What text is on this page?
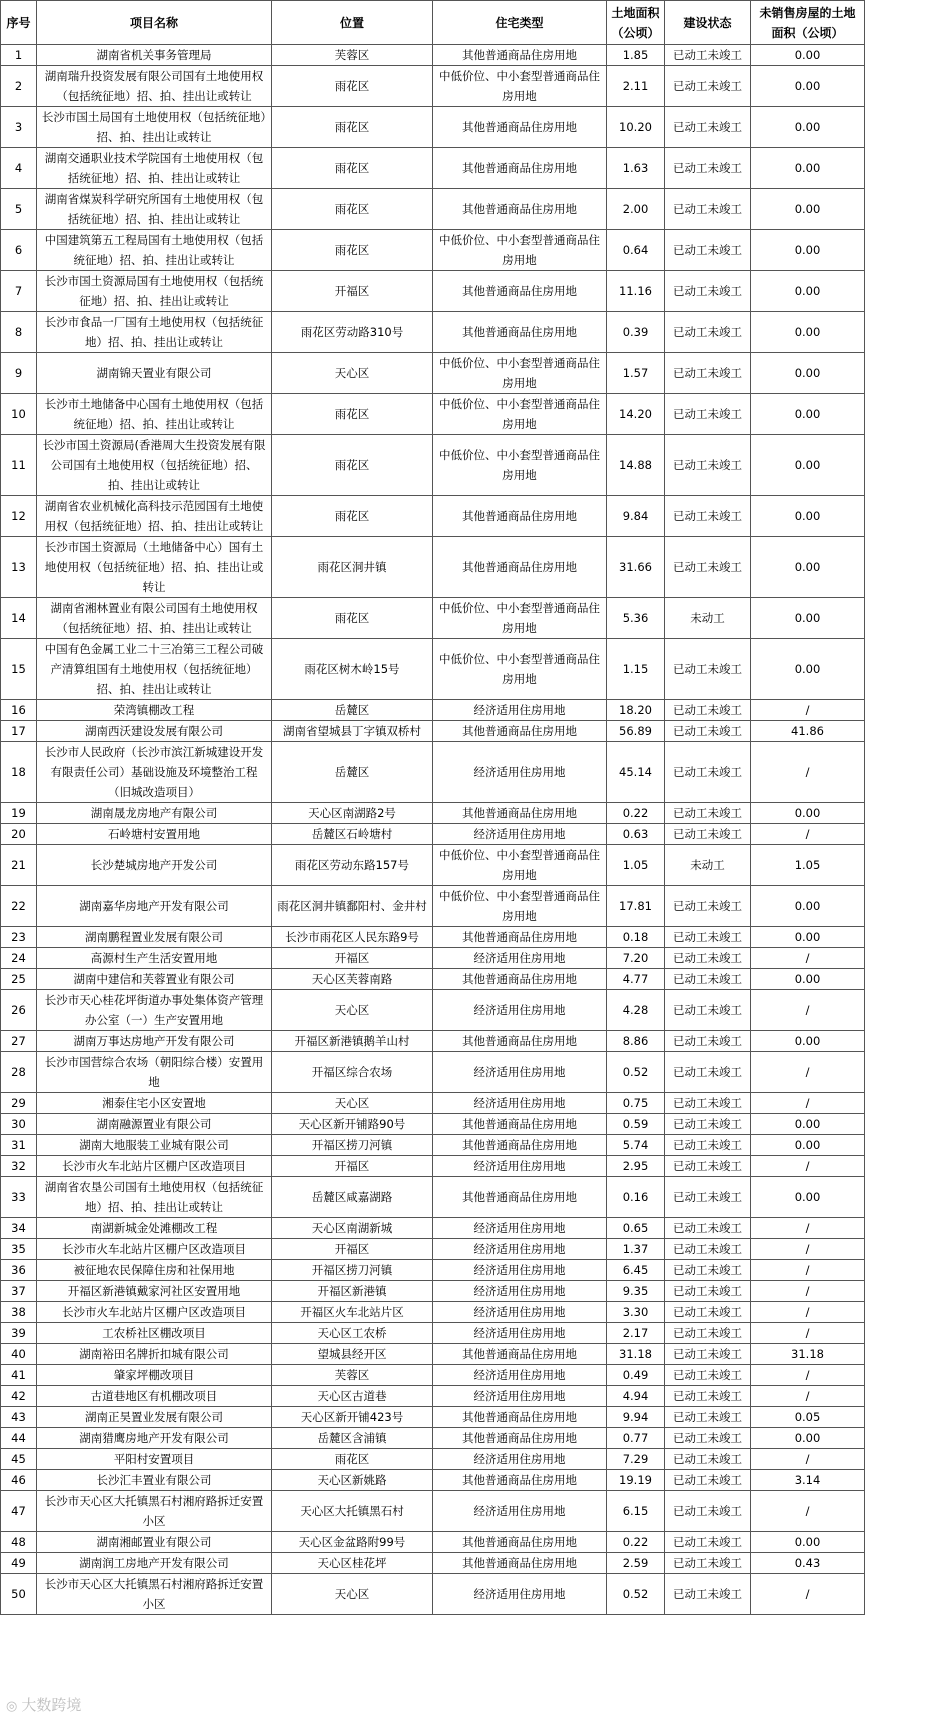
序号	项目名称	位置	住宅类型	土地面积（公顷）	建设状态	未销售房屋的土地面积（公顷）
1	湖南省机关事务管理局	芙蓉区	其他普通商品住房用地	1.85	已动工未竣工	0.00
2	湖南瑞升投资发展有限公司国有土地使用权（包括统征地）招、拍、挂出让或转让	雨花区	中低价位、中小套型普通商品住房用地	2.11	已动工未竣工	0.00
3	长沙市国土局国有土地使用权（包括统征地）招、拍、挂出让或转让	雨花区	其他普通商品住房用地	10.20	已动工未竣工	0.00
4	湖南交通职业技术学院国有土地使用权（包括统征地）招、拍、挂出让或转让	雨花区	其他普通商品住房用地	1.63	已动工未竣工	0.00
5	湖南省煤炭科学研究所国有土地使用权（包括统征地）招、拍、挂出让或转让	雨花区	其他普通商品住房用地	2.00	已动工未竣工	0.00
6	中国建筑第五工程局国有土地使用权（包括统征地）招、拍、挂出让或转让	雨花区	中低价位、中小套型普通商品住房用地	0.64	已动工未竣工	0.00
7	长沙市国土资源局国有土地使用权（包括统征地）招、拍、挂出让或转让	开福区	其他普通商品住房用地	11.16	已动工未竣工	0.00
8	长沙市食品一厂国有土地使用权（包括统征地）招、拍、挂出让或转让	雨花区劳动路310号	其他普通商品住房用地	0.39	已动工未竣工	0.00
9	湖南锦天置业有限公司	天心区	中低价位、中小套型普通商品住房用地	1.57	已动工未竣工	0.00
10	长沙市土地储备中心国有土地使用权（包括统征地）招、拍、挂出让或转让	雨花区	中低价位、中小套型普通商品住房用地	14.20	已动工未竣工	0.00
11	长沙市国土资源局(香港周大生投资发展有限公司国有土地使用权（包括统征地）招、拍、挂出让或转让	雨花区	中低价位、中小套型普通商品住房用地	14.88	已动工未竣工	0.00
12	湖南省农业机械化高科技示范园国有土地使用权（包括统征地）招、拍、挂出让或转让	雨花区	其他普通商品住房用地	9.84	已动工未竣工	0.00
13	长沙市国土资源局（土地储备中心）国有土地使用权（包括统征地）招、拍、挂出让或转让	雨花区洞井镇	其他普通商品住房用地	31.66	已动工未竣工	0.00
14	湖南省湘林置业有限公司国有土地使用权（包括统征地）招、拍、挂出让或转让	雨花区	中低价位、中小套型普通商品住房用地	5.36	未动工	0.00
15	中国有色金属工业二十三冶第三工程公司破产清算组国有土地使用权（包括统征地）招、拍、挂出让或转让	雨花区树木岭15号	中低价位、中小套型普通商品住房用地	1.15	已动工未竣工	0.00
16	荣湾镇棚改工程	岳麓区	经济适用住房用地	18.20	已动工未竣工	/
17	湖南西沃建设发展有限公司	湖南省望城县丁字镇双桥村	其他普通商品住房用地	56.89	已动工未竣工	41.86
18	长沙市人民政府（长沙市滨江新城建设开发有限责任公司）基础设施及环境整治工程（旧城改造项目）	岳麓区	经济适用住房用地	45.14	已动工未竣工	/
19	湖南晟龙房地产有限公司	天心区南湖路2号	其他普通商品住房用地	0.22	已动工未竣工	0.00
20	石岭塘村安置用地	岳麓区石岭塘村	经济适用住房用地	0.63	已动工未竣工	/
21	长沙楚城房地产开发公司	雨花区劳动东路157号	中低价位、中小套型普通商品住房用地	1.05	未动工	1.05
22	湖南嘉华房地产开发有限公司	雨花区洞井镇鄱阳村、金井村	中低价位、中小套型普通商品住房用地	17.81	已动工未竣工	0.00
23	湖南鹏程置业发展有限公司	长沙市雨花区人民东路9号	其他普通商品住房用地	0.18	已动工未竣工	0.00
24	高源村生产生活安置用地	开福区	经济适用住房用地	7.20	已动工未竣工	/
25	湖南中建信和芙蓉置业有限公司	天心区芙蓉南路	其他普通商品住房用地	4.77	已动工未竣工	0.00
26	长沙市天心桂花坪街道办事处集体资产管理办公室（一）生产安置用地	天心区	经济适用住房用地	4.28	已动工未竣工	/
27	湖南万事达房地产开发有限公司	开福区新港镇鹅羊山村	其他普通商品住房用地	8.86	已动工未竣工	0.00
28	长沙市国营综合农场（朝阳综合楼）安置用地	开福区综合农场	经济适用住房用地	0.52	已动工未竣工	/
29	湘泰住宅小区安置地	天心区	经济适用住房用地	0.75	已动工未竣工	/
30	湖南融源置业有限公司	天心区新开铺路90号	其他普通商品住房用地	0.59	已动工未竣工	0.00
31	湖南大地服装工业城有限公司	开福区捞刀河镇	其他普通商品住房用地	5.74	已动工未竣工	0.00
32	长沙市火车北站片区棚户区改造项目	开福区	经济适用住房用地	2.95	已动工未竣工	/
33	湖南省农垦公司国有土地使用权（包括统征地）招、拍、挂出让或转让	岳麓区咸嘉湖路	其他普通商品住房用地	0.16	已动工未竣工	0.00
34	南湖新城金处滩棚改工程	天心区南湖新城	经济适用住房用地	0.65	已动工未竣工	/
35	长沙市火车北站片区棚户区改造项目	开福区	经济适用住房用地	1.37	已动工未竣工	/
36	被征地农民保障住房和社保用地	开福区捞刀河镇	经济适用住房用地	6.45	已动工未竣工	/
37	开福区新港镇戴家河社区安置用地	开福区新港镇	经济适用住房用地	9.35	已动工未竣工	/
38	长沙市火车北站片区棚户区改造项目	开福区火车北站片区	经济适用住房用地	3.30	已动工未竣工	/
39	工农桥社区棚改项目	天心区工农桥	经济适用住房用地	2.17	已动工未竣工	/
40	湖南裕田名牌折扣城有限公司	望城县经开区	其他普通商品住房用地	31.18	已动工未竣工	31.18
41	肇家坪棚改项目	芙蓉区	经济适用住房用地	0.49	已动工未竣工	/
42	古道巷地区有机棚改项目	天心区古道巷	经济适用住房用地	4.94	已动工未竣工	/
43	湖南正昊置业发展有限公司	天心区新开铺423号	其他普通商品住房用地	9.94	已动工未竣工	0.05
44	湖南猎鹰房地产开发有限公司	岳麓区含浦镇	其他普通商品住房用地	0.77	已动工未竣工	0.00
45	平阳村安置项目	雨花区	经济适用住房用地	7.29	已动工未竣工	/
46	长沙汇丰置业有限公司	天心区新姚路	其他普通商品住房用地	19.19	已动工未竣工	3.14
47	长沙市天心区大托镇黑石村湘府路拆迁安置小区	天心区大托镇黑石村	经济适用住房用地	6.15	已动工未竣工	/
48	湖南湘邮置业有限公司	天心区金盆路附99号	其他普通商品住房用地	0.22	已动工未竣工	0.00
49	湖南润工房地产开发有限公司	天心区桂花坪	其他普通商品住房用地	2.59	已动工未竣工	0.43
50	长沙市天心区大托镇黑石村湘府路拆迁安置小区	天心区	经济适用住房用地	0.52	已动工未竣工	/
◎ 大数跨境
